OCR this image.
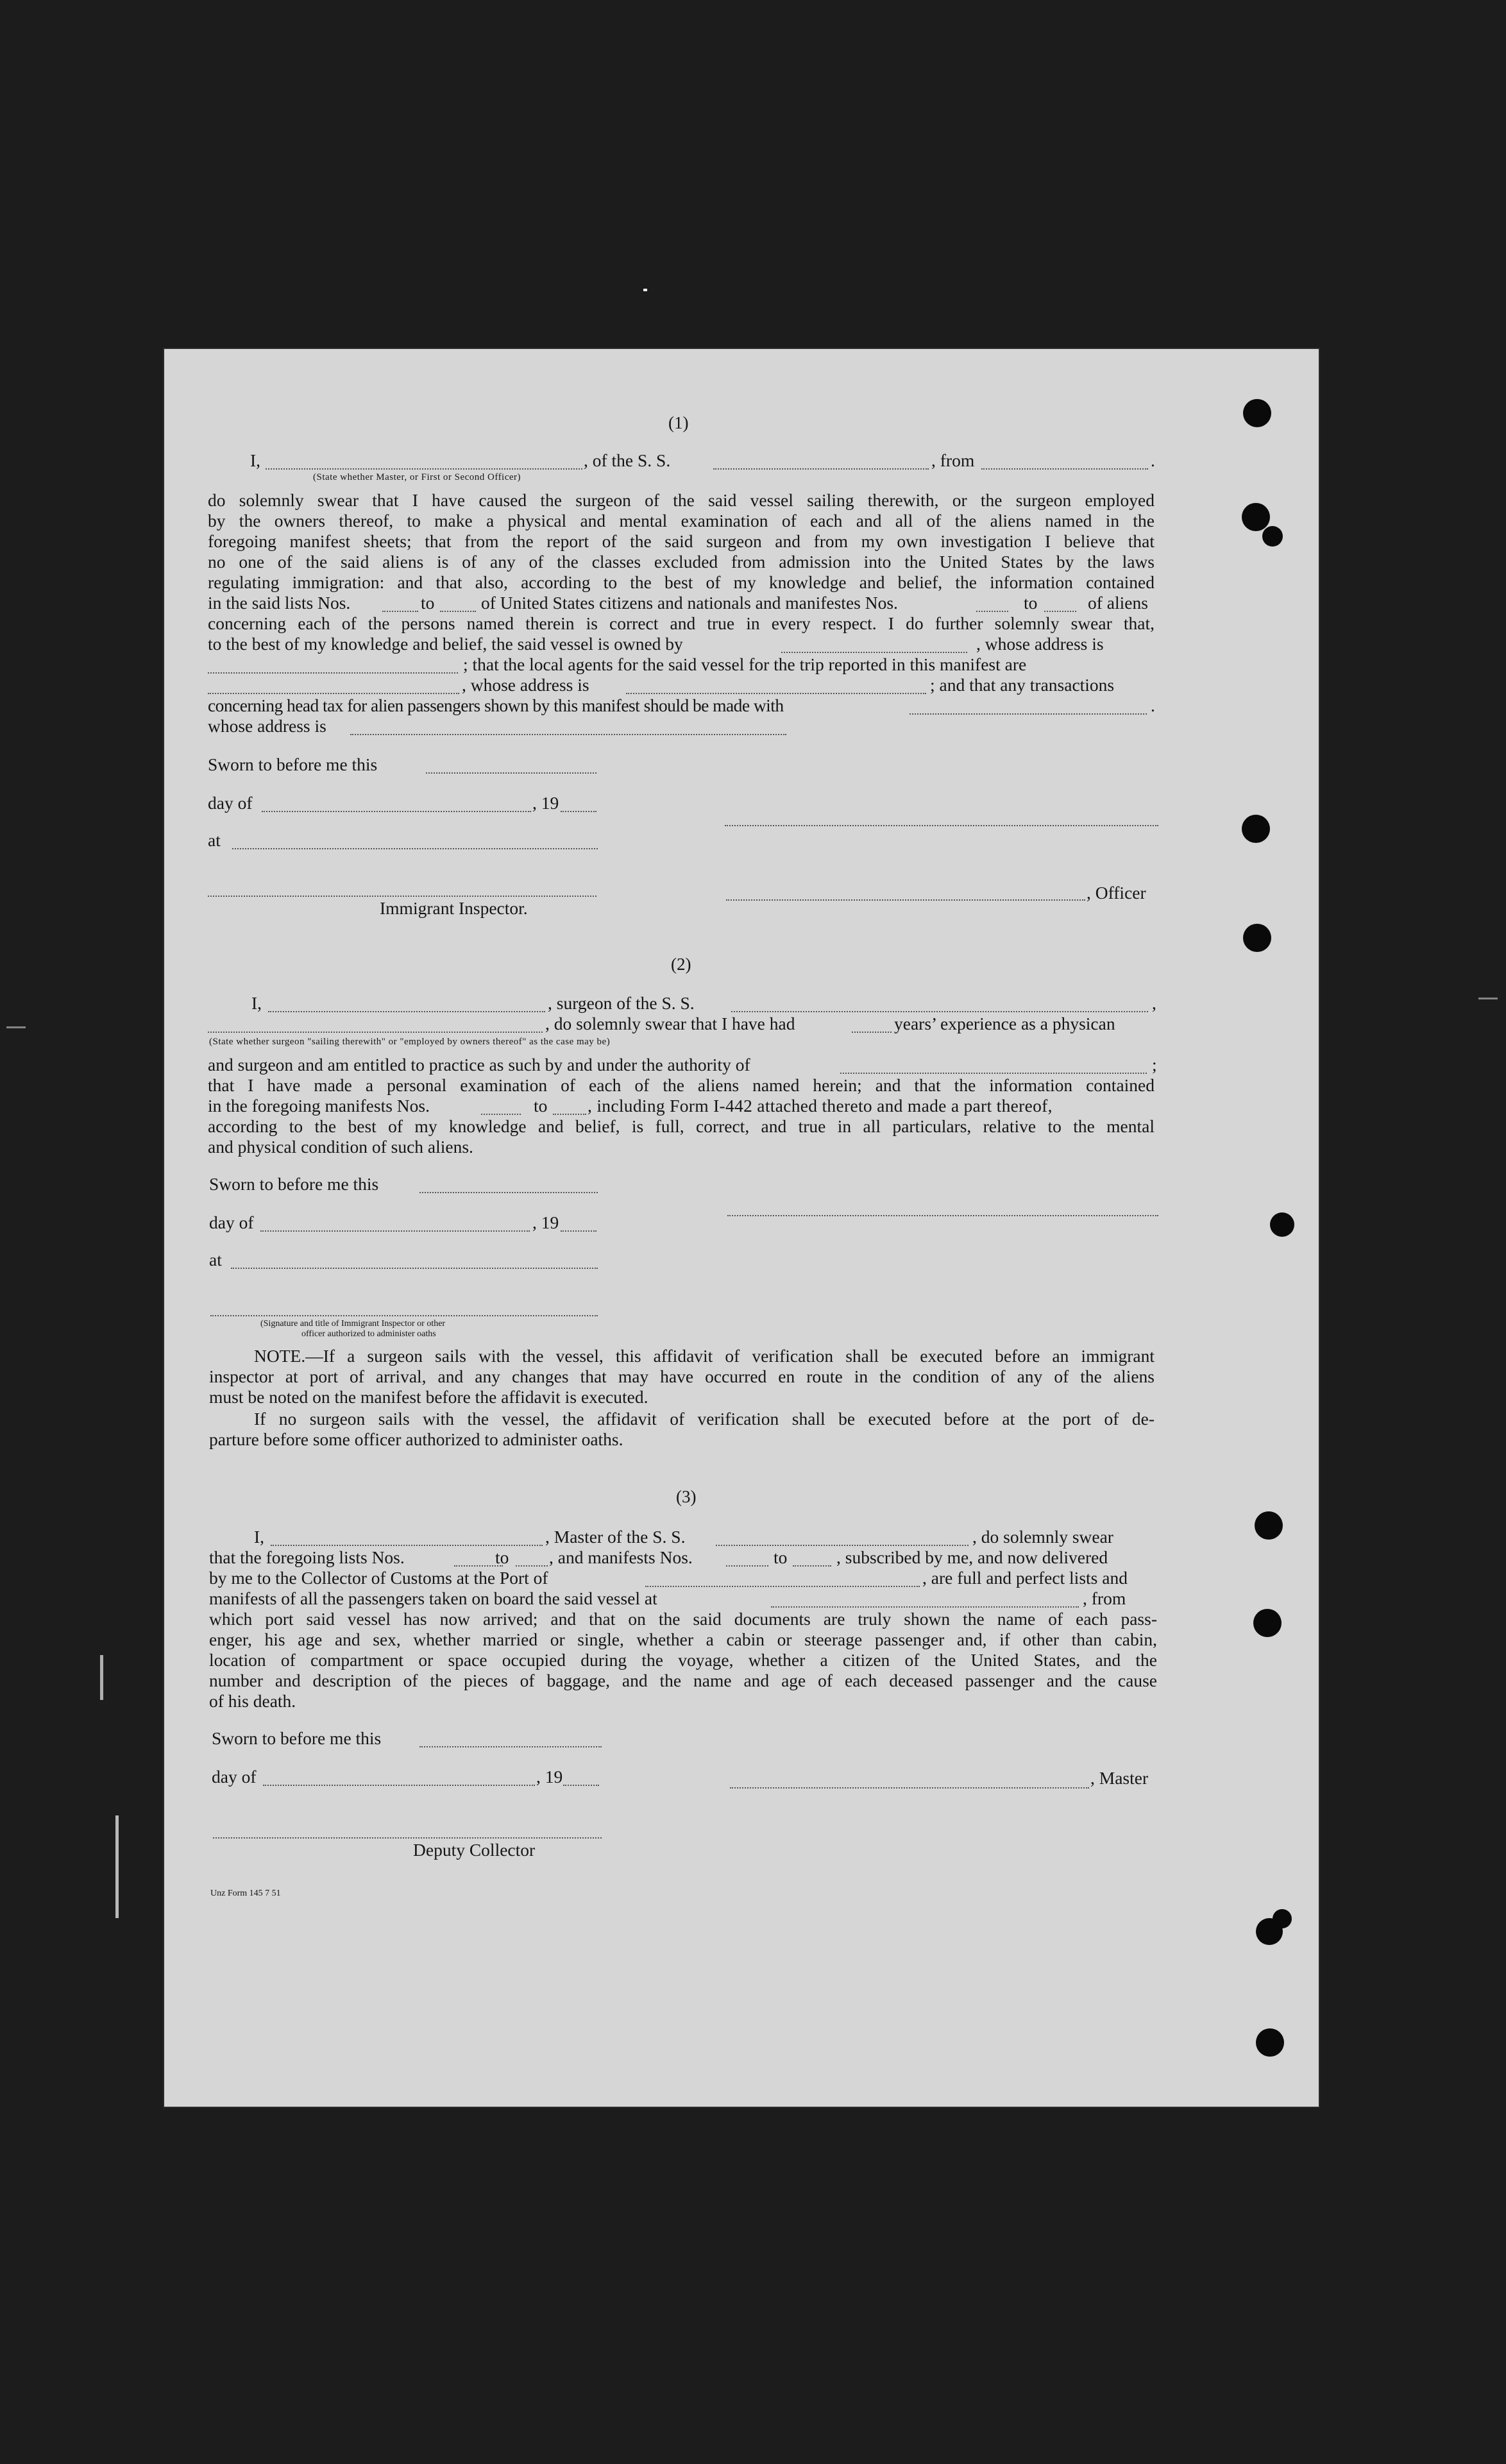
(1)
I,	, of the S. S.	, from	.
(State whether Master, or First or Second Officer)
do solemnly swear that I have caused the surgeon of the said vessel sailing therewith, or the surgeon employed
by the owners thereof, to make a physical and mental examination of each and all of the aliens named in the
foregoing manifest sheets; that from the report of the said surgeon and from my own investigation I believe that
no one of the said aliens is of any of the classes excluded from admission into the United States by the laws
regulating immigration: and that also, according to the best of my knowledge and belief, the information contained
in the said lists Nos.	to	of United States citizens and nationals and manifestes Nos.	to	of aliens
concerning each of the persons named therein is correct and true in every respect. I do further solemnly swear that,
to the best of my knowledge and belief, the said vessel is owned by	, whose address is
; that the local agents for the said vessel for the trip reported in this manifest are
, whose address is	; and that any transactions
concerning head tax for alien passengers shown by this manifest should be made with	.
whose address is
Sworn to before me this
day of	, 19
at
, Officer
Immigrant Inspector.
(2)
I,	, surgeon of the S. S.	,
, do solemnly swear that I have had	years’ experience as a physican
(State whether surgeon "sailing therewith" or "employed by owners thereof" as the case may be)
and surgeon and am entitled to practice as such by and under the authority of	;
that I have made a personal examination of each of the aliens named herein; and that the information contained
in the foregoing manifests Nos.	to , including Form I-442 attached thereto and made a part thereof,
according to the best of my knowledge and belief, is full, correct, and true in all particulars, relative to the mental
and physical condition of such aliens.
Sworn to before me this
day of	, 19
at
(Signature and title of Immigrant Inspector or other
officer authorized to administer oaths
NOTE.—If a surgeon sails with the vessel, this affidavit of verification shall be executed before an immigrant
inspector at port of arrival, and any changes that may have occurred en route in the condition of any of the aliens
must be noted on the manifest before the affidavit is executed.
If no surgeon sails with the vessel, the affidavit of verification shall be executed before at the port of de-
parture before some officer authorized to administer oaths.
(3)
I,	, Master of the S. S.	, do solemnly swear
that the foregoing lists Nos.	to , and manifests Nos.	to	, subscribed by me, and now delivered
by me to the Collector of Customs at the Port of	, are full and perfect lists and
manifests of all the passengers taken on board the said vessel at	, from
which port said vessel has now arrived; and that on the said documents are truly shown the name of each pass-
enger, his age and sex, whether married or single, whether a cabin or steerage passenger and, if other than cabin,
location of compartment or space occupied during the voyage, whether a citizen of the United States, and the
number and description of the pieces of baggage, and the name and age of each deceased passenger and the cause
of his death.
Sworn to before me this
day of	, 19	, Master
Deputy Collector
Unz Form 145 7 51
